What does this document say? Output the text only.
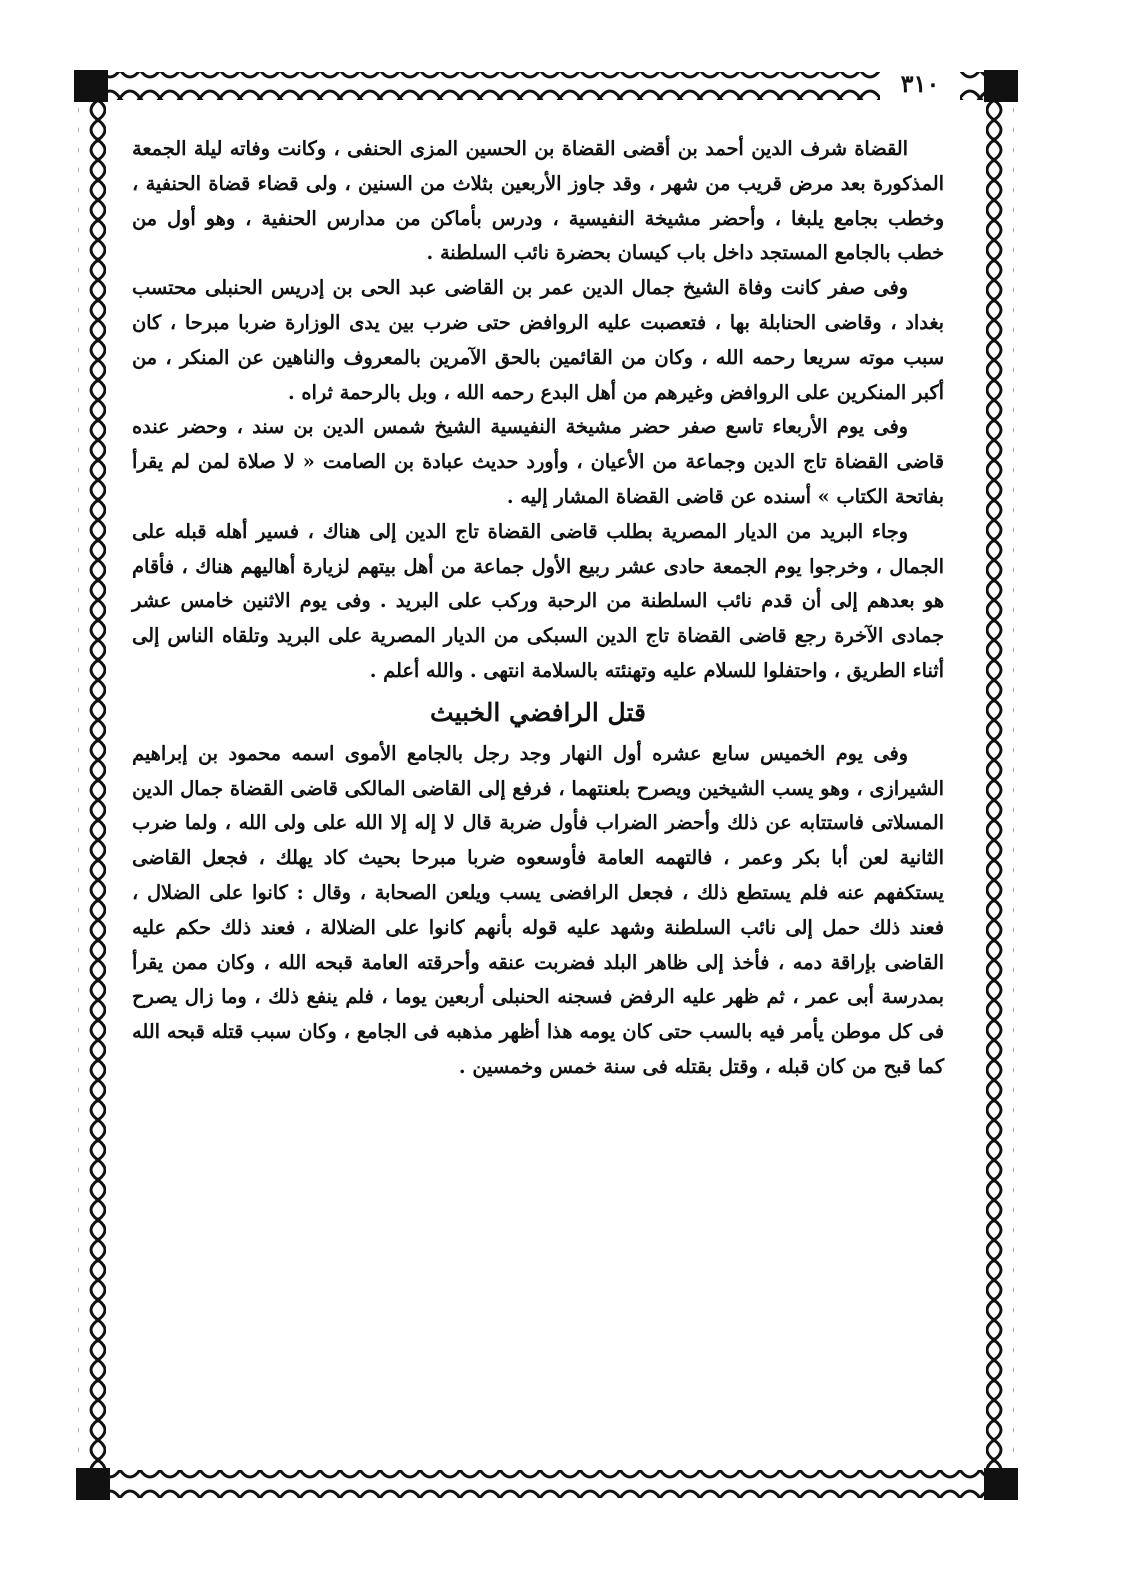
٣١٠

القضاة شرف الدين أحمد بن أقضى القضاة بن الحسين المزى الحنفى ، وكانت وفاته ليلة الجمعة المذكورة بعد مرض قريب من شهر ، وقد جاوز الأربعين بثلاث من السنين ، ولى قضاء قضاة الحنفية ، وخطب بجامع يلبغا ، وأحضر مشيخة النفيسية ، ودرس بأماكن من مدارس الحنفية ، وهو أول من خطب بالجامع المستجد داخل باب كيسان بحضرة نائب السلطنة .

وفى صفر كانت وفاة الشيخ جمال الدين عمر بن القاضى عبد الحى بن إدريس الحنبلى محتسب بغداد ، وقاضى الحنابلة بها ، فتعصبت عليه الروافض حتى ضرب بين يدى الوزارة ضربا مبرحا ، كان سبب موته سريعا رحمه الله ، وكان من القائمين بالحق الآمرين بالمعروف والناهين عن المنكر ، من أكبر المنكرين على الروافض وغيرهم من أهل البدع رحمه الله ، وبل بالرحمة ثراه .

وفى يوم الأربعاء تاسع صفر حضر مشيخة النفيسية الشيخ شمس الدين بن سند ، وحضر عنده قاضى القضاة تاج الدين وجماعة من الأعيان ، وأورد حديث عبادة بن الصامت « لا صلاة لمن لم يقرأ بفاتحة الكتاب » أسنده عن قاضى القضاة المشار إليه .

وجاء البريد من الديار المصرية بطلب قاضى القضاة تاج الدين إلى هناك ، فسير أهله قبله على الجمال ، وخرجوا يوم الجمعة حادى عشر ربيع الأول جماعة من أهل بيتهم لزيارة أهاليهم هناك ، فأقام هو بعدهم إلى أن قدم نائب السلطنة من الرحبة وركب على البريد . وفى يوم الاثنين خامس عشر جمادى الآخرة رجع قاضى القضاة تاج الدين السبكى من الديار المصرية على البريد وتلقاه الناس إلى أثناء الطريق ، واحتفلوا للسلام عليه وتهنئته بالسلامة انتهى . والله أعلم .

قتل الرافضي الخبيث

وفى يوم الخميس سابع عشره أول النهار وجد رجل بالجامع الأموى اسمه محمود بن إبراهيم الشيرازى ، وهو يسب الشيخين ويصرح بلعنتهما ، فرفع إلى القاضى المالكى قاضى القضاة جمال الدين المسلاتى فاستتابه عن ذلك وأحضر الضراب فأول ضربة قال لا إله إلا الله على ولى الله ، ولما ضرب الثانية لعن أبا بكر وعمر ، فالتهمه العامة فأوسعوه ضربا مبرحا بحيث كاد يهلك ، فجعل القاضى يستكفهم عنه فلم يستطع ذلك ، فجعل الرافضى يسب ويلعن الصحابة ، وقال : كانوا على الضلال ، فعند ذلك حمل إلى نائب السلطنة وشهد عليه قوله بأنهم كانوا على الضلالة ، فعند ذلك حكم عليه القاضى بإراقة دمه ، فأخذ إلى ظاهر البلد فضربت عنقه وأحرقته العامة قبحه الله ، وكان ممن يقرأ بمدرسة أبى عمر ، ثم ظهر عليه الرفض فسجنه الحنبلى أربعين يوما ، فلم ينفع ذلك ، وما زال يصرح فى كل موطن يأمر فيه بالسب حتى كان يومه هذا أظهر مذهبه فى الجامع ، وكان سبب قتله قبحه الله كما قبح من كان قبله ، وقتل بقتله فى سنة خمس وخمسين .
